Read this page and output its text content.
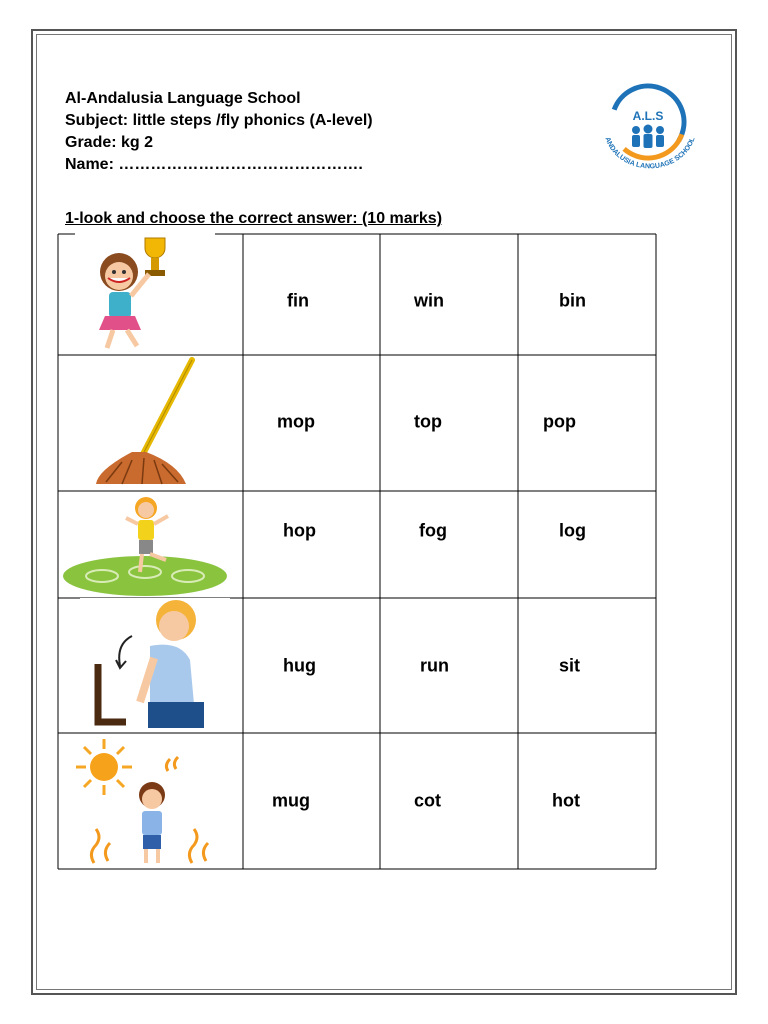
Al-Andalusia Language School
Subject: little steps /fly phonics (A-level)
Grade: kg 2
Name: ……………………………………….
A.L.S
ANDALUSIA LANGUAGE SCHOOL
1-look and choose the correct answer: (10 marks)
fin	win	bin
mop	top	pop
hop	fog	log
hug	run	sit
mug	cot	hot
